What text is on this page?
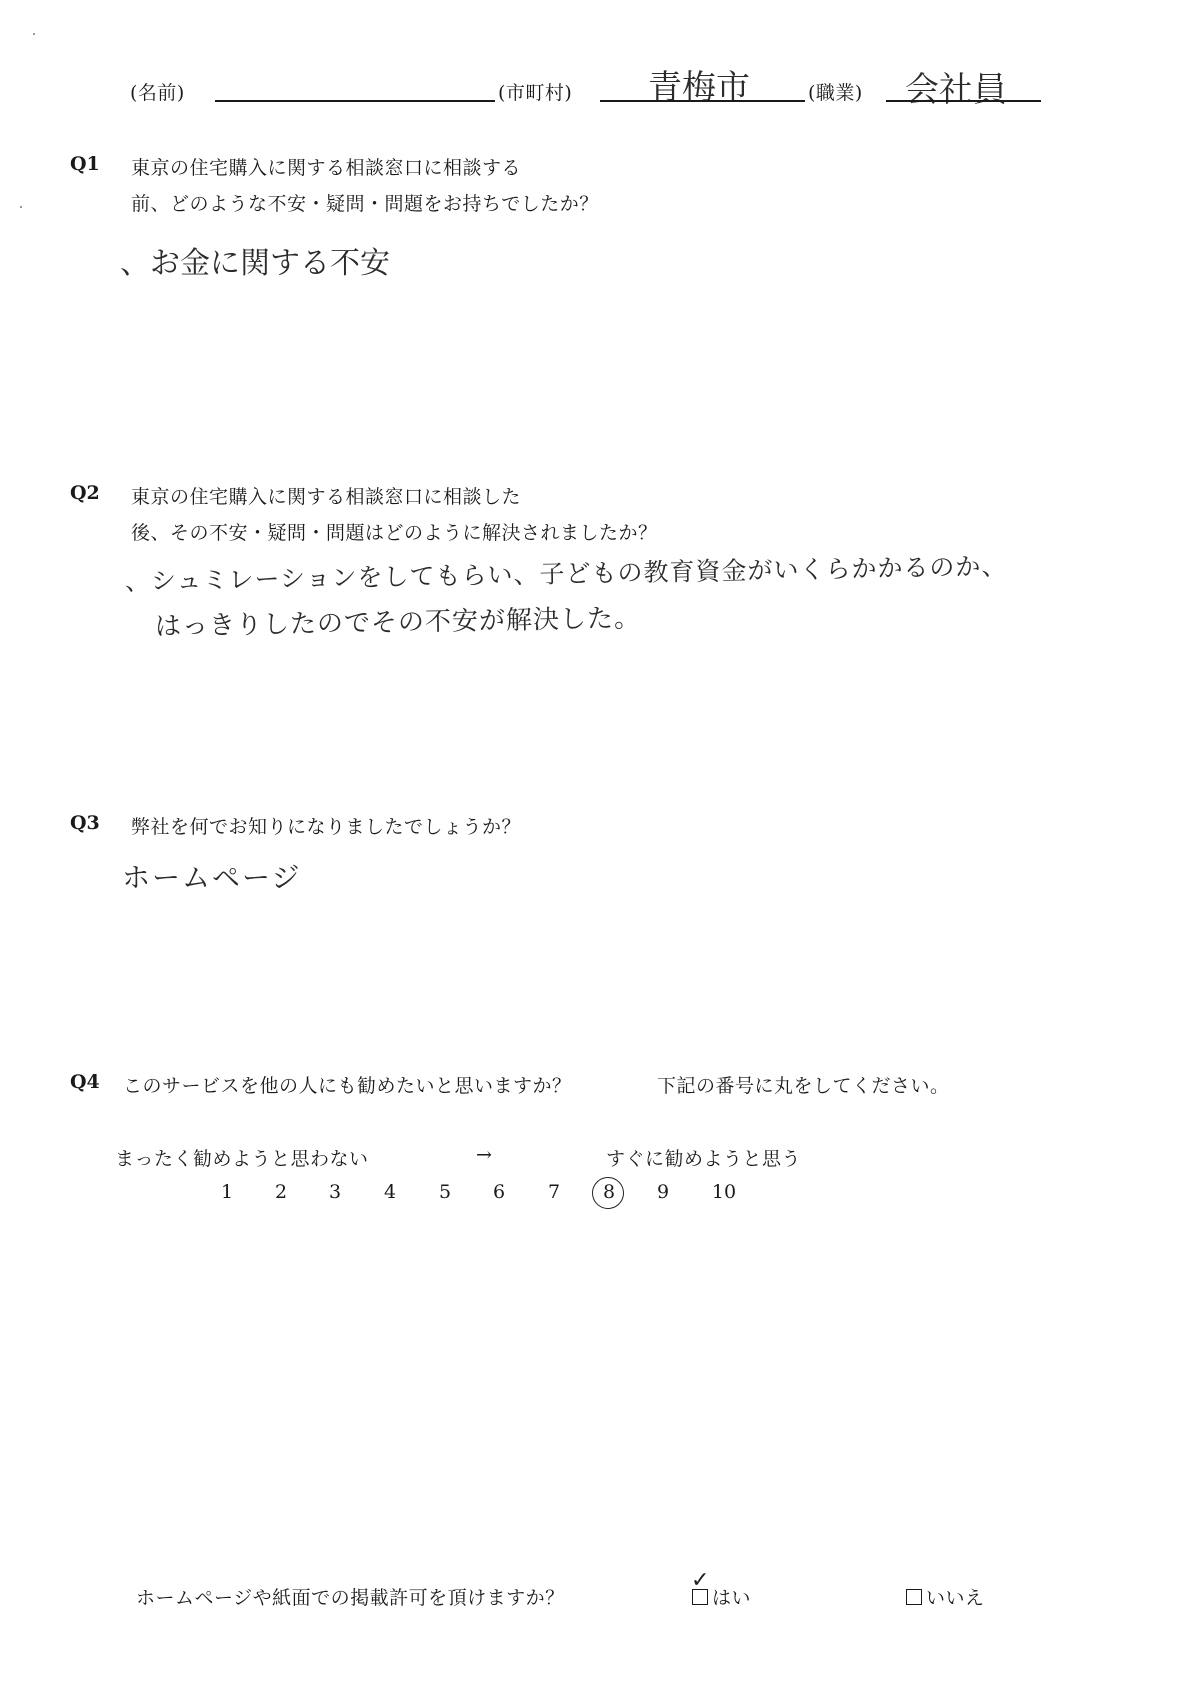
(名前)	(市町村) 青梅市	(職業) 会社員
Q1 東京の住宅購入に関する相談窓口に相談する
前、どのような不安・疑問・問題をお持ちでしたか？
、お金に関する不安
Q2 東京の住宅購入に関する相談窓口に相談した
後、その不安・疑問・問題はどのように解決されましたか？
、シュミレーションをしてもらい、子どもの教育資金がいくらかかるのか、
はっきりしたのでその不安が解決した。
Q3 弊社を何でお知りになりましたでしょうか？
ホームページ
Q4 このサービスを他の人にも勧めたいと思いますか？	下記の番号に丸をしてください。
まったく勧めようと思わない	→	すぐに勧めようと思う
1	2	3	4	5	6	7	8	9	10
ホームページや紙面での掲載許可を頂けますか？	はい
✓
いいえ
